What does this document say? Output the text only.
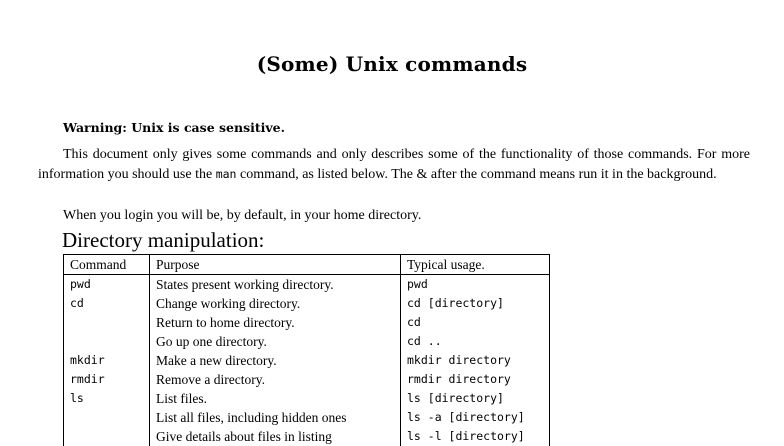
(Some) Unix commands
Warning: Unix is case sensitive.
This document only gives some commands and only describes some of the functionality of those commands. For more information you should use the man command, as listed below. The & after the command means run it in the background.
When you login you will be, by default, in your home directory.
Directory manipulation:
Command	Purpose	Typical usage.
pwd	States present working directory.	pwd
cd	Change working directory.	cd [directory]
	Return to home directory.	cd
	Go up one directory.	cd ..
mkdir	Make a new directory.	mkdir directory
rmdir	Remove a directory.	rmdir directory
ls	List files.	ls [directory]
	List all files, including hidden ones	ls -a [directory]
	Give details about files in listing	ls -l [directory]
